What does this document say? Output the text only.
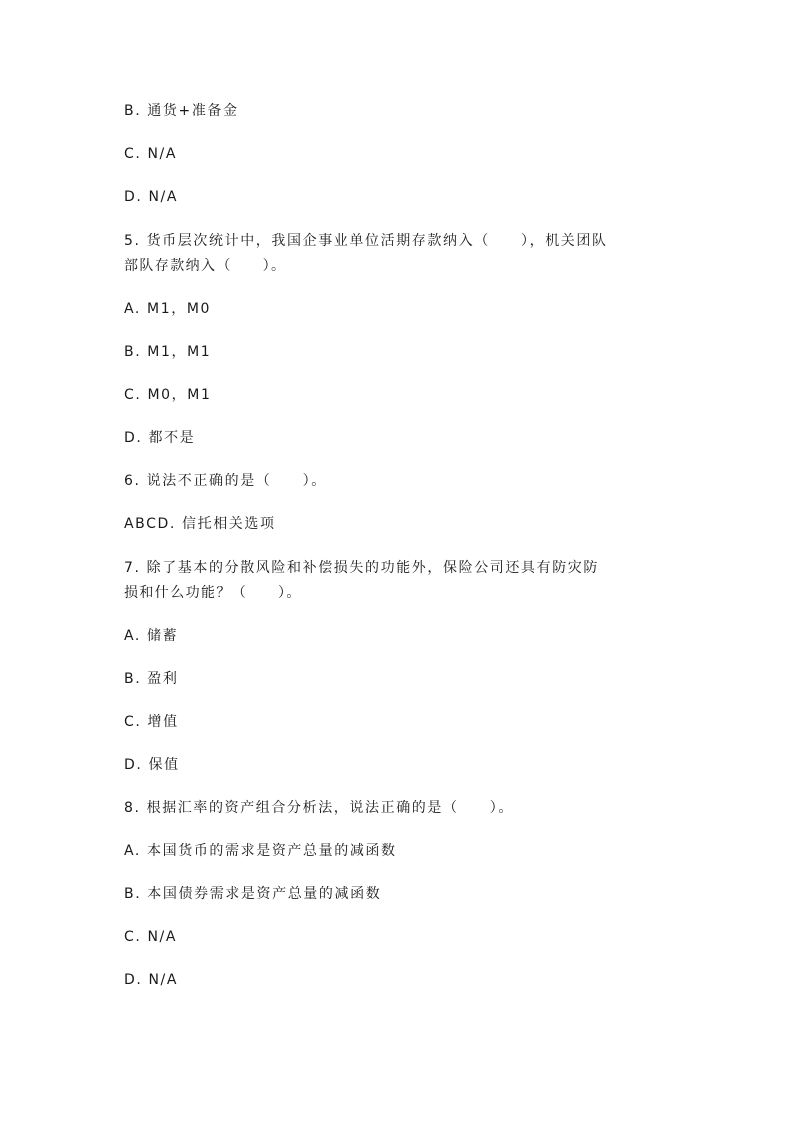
B. 通货+准备金
C. N/A
D. N/A
5. 货币层次统计中，我国企事业单位活期存款纳入（　　），机关团队
部队存款纳入（　　）。
A. M1，M0
B. M1，M1
C. M0，M1
D. 都不是
6. 说法不正确的是（　　）。
ABCD. 信托相关选项
7. 除了基本的分散风险和补偿损失的功能外，保险公司还具有防灾防
损和什么功能？（　　）。
A. 储蓄
B. 盈利
C. 增值
D. 保值
8. 根据汇率的资产组合分析法，说法正确的是（　　）。
A. 本国货币的需求是资产总量的减函数
B. 本国债券需求是资产总量的减函数
C. N/A
D. N/A
